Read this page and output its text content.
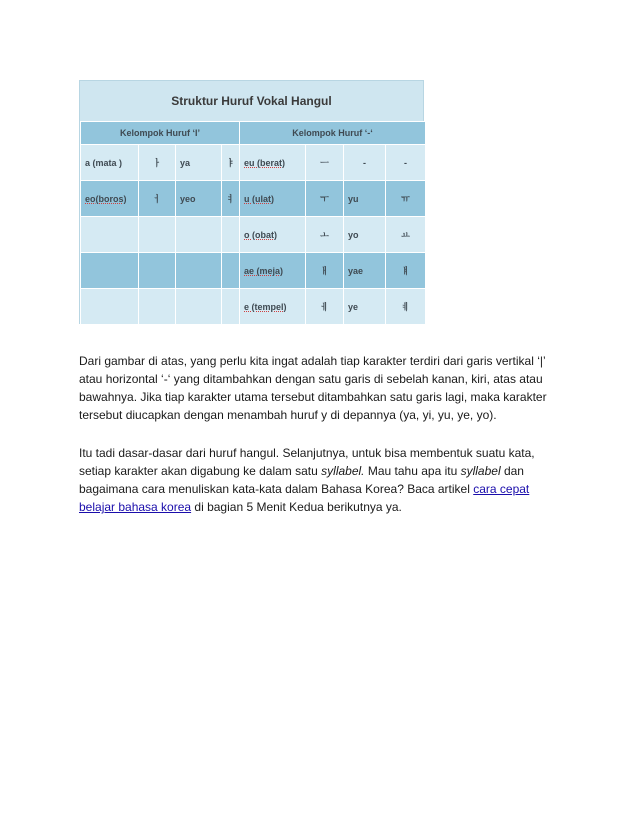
Struktur Huruf Vokal Hangul
Kelompok Huruf ‘I’				Kelompok Huruf ‘-‘			
a (mata )	ㅏ	ya	ㅑ	eu (berat)	ㅡ	-	-
eo(boros)	ㅓ	yeo	ㅕ	u (ulat)	ㅜ	yu	ㅠ
				o (obat)	ㅗ	yo	ㅛ
				ae (meja)	ㅐ	yae	ㅒ
				e (tempel)	ㅔ	ye	ㅖ

Dari gambar di atas, yang perlu kita ingat adalah tiap karakter terdiri dari garis vertikal ‘|’ atau horizontal ‘-‘ yang ditambahkan dengan satu garis di sebelah kanan, kiri, atas atau bawahnya. Jika tiap karakter utama tersebut ditambahkan satu garis lagi, maka karakter tersebut diucapkan dengan menambah huruf y di depannya (ya, yi, yu, ye, yo).

Itu tadi dasar-dasar dari huruf hangul. Selanjutnya, untuk bisa membentuk suatu kata, setiap karakter akan digabung ke dalam satu syllabel. Mau tahu apa itu syllabel dan bagaimana cara menuliskan kata-kata dalam Bahasa Korea? Baca artikel cara cepat belajar bahasa korea di bagian 5 Menit Kedua berikutnya ya.
